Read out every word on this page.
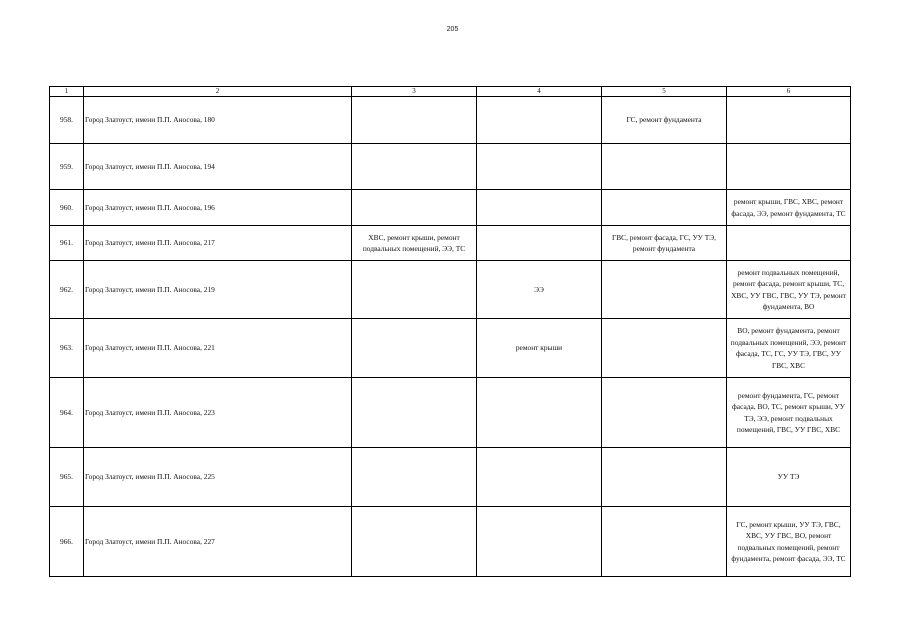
205
1	2	3	4	5	6
958.	Город Златоуст, имени П.П. Аносова, 180			ГС, ремонт фундамента	
959.	Город Златоуст, имени П.П. Аносова, 194				
960.	Город Златоуст, имени П.П. Аносова, 196				ремонт крыши, ГВС, ХВС, ремонт фасада, ЭЭ, ремонт фундамента, ТС
961.	Город Златоуст, имени П.П. Аносова, 217	ХВС, ремонт крыши, ремонт подвальных помещений, ЭЭ, ТС		ГВС, ремонт фасада, ГС, УУ ТЭ, ремонт фундамента	
962.	Город Златоуст, имени П.П. Аносова, 219		ЭЭ		ремонт подвальных помещений, ремонт фасада, ремонт крыши, ТС, ХВС, УУ ГВС, ГВС, УУ ТЭ, ремонт фундамента, ВО
963.	Город Златоуст, имени П.П. Аносова, 221		ремонт крыши		ВО, ремонт фундамента, ремонт подвальных помещений, ЭЭ, ремонт фасада, ТС, ГС, УУ ТЭ, ГВС, УУ ГВС, ХВС
964.	Город Златоуст, имени П.П. Аносова, 223				ремонт фундамента, ГС, ремонт фасада, ВО, ТС, ремонт крыши, УУ ТЭ, ЭЭ, ремонт подвальных помещений, ГВС, УУ ГВС, ХВС
965.	Город Златоуст, имени П.П. Аносова, 225				УУ ТЭ
966.	Город Златоуст, имени П.П. Аносова, 227				ГС, ремонт крыши, УУ ТЭ, ГВС, ХВС, УУ ГВС, ВО, ремонт подвальных помещений, ремонт фундамента, ремонт фасада, ЭЭ, ТС
